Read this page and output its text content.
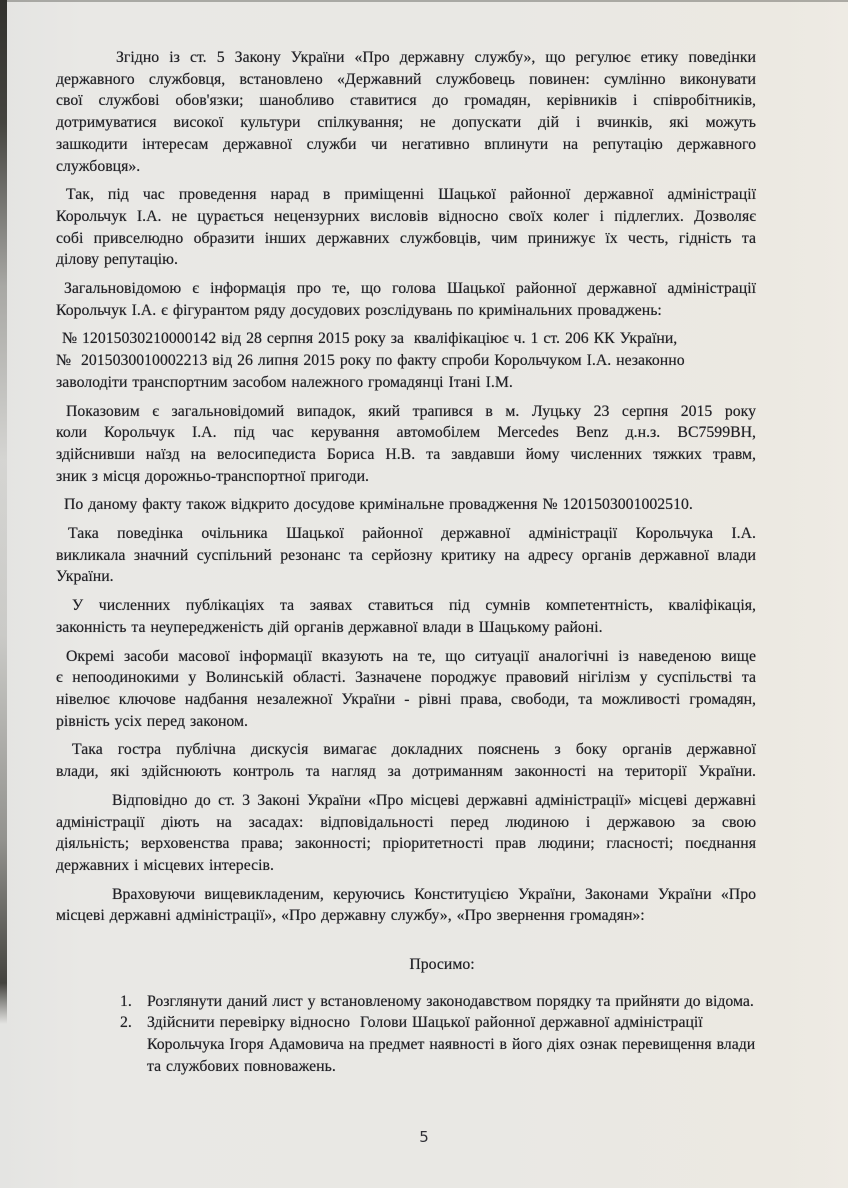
Згідно із ст. 5 Закону України «Про державну службу», що регулює етику поведінки
державного службовця, встановлено «Державний службовець повинен: сумлінно виконувати
свої службові обов'язки; шанобливо ставитися до громадян, керівників і співробітників,
дотримуватися високої культури спілкування; не допускати дій і вчинків, які можуть
зашкодити інтересам державної служби чи негативно вплинути на репутацію державного
службовця».
Так, під час проведення нарад в приміщенні Шацької районної державної адміністрації
Корольчук І.А. не цурається нецензурних висловів відносно своїх колег і підлеглих. Дозволяє
собі привселюдно образити інших державних службовців, чим принижує їх честь, гідність та
ділову репутацію.
Загальновідомою є інформація про те, що голова Шацької районної державної адміністрації
Корольчук І.А. є фігурантом ряду досудових розслідувань по кримінальних проваджень:
№ 12015030210000142 від 28 серпня 2015 року за  кваліфікаціює ч. 1 ст. 206 КК України,
№  2015030010002213 від 26 липня 2015 року по факту спроби Корольчуком І.А. незаконно
заволодіти транспортним засобом належного громадянці Ітані І.М.
Показовим є загальновідомий випадок, який трапився в м. Луцьку 23 серпня 2015 року
коли Корольчук І.А. під час керування автомобілем Mercedes Benz д.н.з. ВС7599ВН,
здійснивши наїзд на велосипедиста Бориса Н.В. та завдавши йому численних тяжких травм,
зник з місця дорожньо-транспортної пригоди.
По даному факту також відкрито досудове кримінальне провадження № 1201503001002510.
Така поведінка очільника Шацької районної державної адміністрації Корольчука І.А.
викликала значний суспільний резонанс та серйозну критику на адресу органів державної влади
України.
У численних публікаціях та заявах ставиться під сумнів компетентність, кваліфікація,
законність та неупередженість дій органів державної влади в Шацькому районі.
Окремі засоби масової інформації вказують на те, що ситуації аналогічні із наведеною вище
є непоодинокими у Волинській області. Зазначене породжує правовий нігілізм у суспільстві та
нівелює ключове надбання незалежної України - рівні права, свободи, та можливості громадян,
рівність усіх перед законом.
Така гостра публічна дискусія вимагає докладних пояснень з боку органів державної
влади, які здійснюють контроль та нагляд за дотриманням законності на території України.
Відповідно до ст. 3 Законі України «Про місцеві державні адміністрації» місцеві державні
адміністрації діють на засадах: відповідальності перед людиною і державою за свою
діяльність; верховенства права; законності; пріоритетності прав людини; гласності; поєднання
державних і місцевих інтересів.
Враховуючи вищевикладеним, керуючись Конституцією України, Законами України «Про
місцеві державні адміністрації», «Про державну службу», «Про звернення громадян»:
Просимо:
1. Розглянути даний лист у встановленому законодавством порядку та прийняти до відома.
2. Здійснити перевірку відносно  Голови Шацької районної державної адміністрації
Корольчука Ігоря Адамовича на предмет наявності в його діях ознак перевищення влади
та службових повноважень.
5
